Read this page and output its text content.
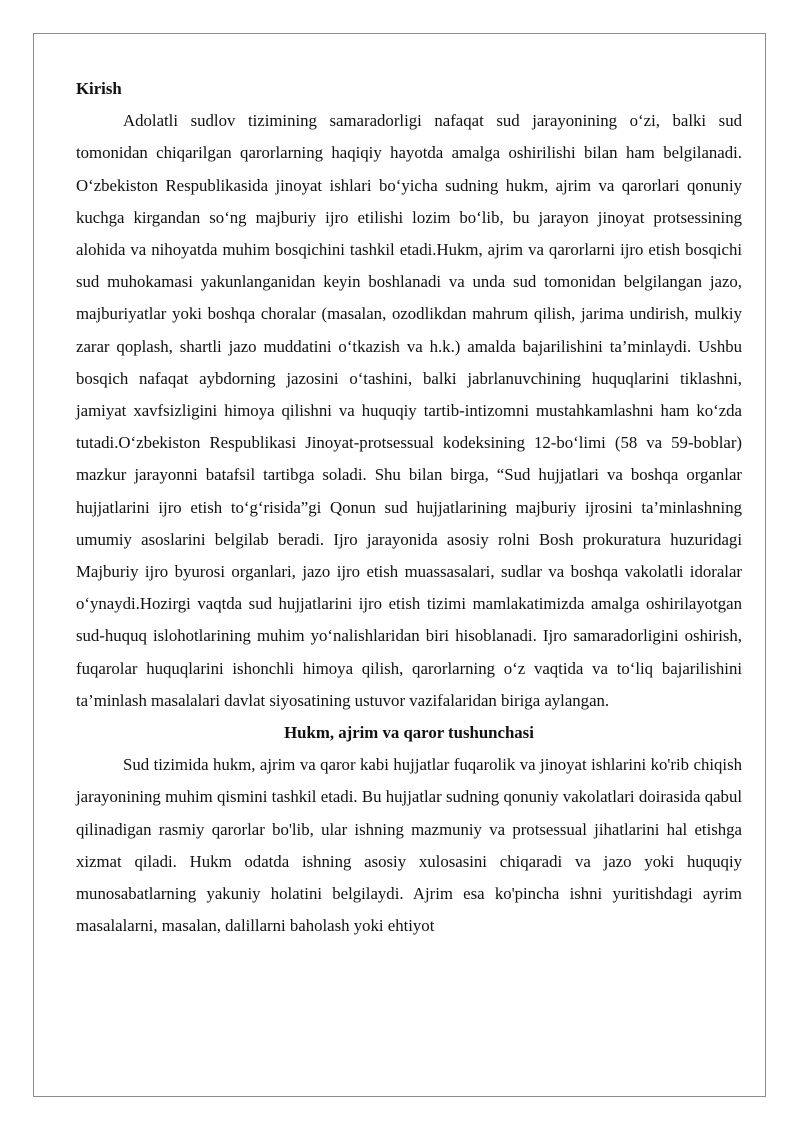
Kirish

Adolatli sudlov tizimining samaradorligi nafaqat sud jarayonining o‘zi, balki sud tomonidan chiqarilgan qarorlarning haqiqiy hayotda amalga oshirilishi bilan ham belgilanadi. O‘zbekiston Respublikasida jinoyat ishlari bo‘yicha sudning hukm, ajrim va qarorlari qonuniy kuchga kirgandan so‘ng majburiy ijro etilishi lozim bo‘lib, bu jarayon jinoyat protsessining alohida va nihoyatda muhim bosqichini tashkil etadi.Hukm, ajrim va qarorlarni ijro etish bosqichi sud muhokamasi yakunlanganidan keyin boshlanadi va unda sud tomonidan belgilangan jazo, majburiyatlar yoki boshqa choralar (masalan, ozodlikdan mahrum qilish, jarima undirish, mulkiy zarar qoplash, shartli jazo muddatini o‘tkazish va h.k.) amalda bajarilishini ta’minlaydi. Ushbu bosqich nafaqat aybdorning jazosini o‘tashini, balki jabrlanuvchining huquqlarini tiklashni, jamiyat xavfsizligini himoya qilishni va huquqiy tartib-intizomni mustahkamlashni ham ko‘zda tutadi.O‘zbekiston Respublikasi Jinoyat-protsessual kodeksining 12-bo‘limi (58 va 59-boblar) mazkur jarayonni batafsil tartibga soladi. Shu bilan birga, “Sud hujjatlari va boshqa organlar hujjatlarini ijro etish to‘g‘risida”gi Qonun sud hujjatlarining majburiy ijrosini ta’minlashning umumiy asoslarini belgilab beradi. Ijro jarayonida asosiy rolni Bosh prokuratura huzuridagi Majburiy ijro byurosi organlari, jazo ijro etish muassasalari, sudlar va boshqa vakolatli idoralar o‘ynaydi.Hozirgi vaqtda sud hujjatlarini ijro etish tizimi mamlakatimizda amalga oshirilayotgan sud-huquq islohotlarining muhim yo‘nalishlaridan biri hisoblanadi. Ijro samaradorligini oshirish, fuqarolar huquqlarini ishonchli himoya qilish, qarorlarning o‘z vaqtida va to‘liq bajarilishini ta’minlash masalalari davlat siyosatining ustuvor vazifalaridan biriga aylangan.

Hukm, ajrim va qaror tushunchasi

Sud tizimida hukm, ajrim va qaror kabi hujjatlar fuqarolik va jinoyat ishlarini ko'rib chiqish jarayonining muhim qismini tashkil etadi. Bu hujjatlar sudning qonuniy vakolatlari doirasida qabul qilinadigan rasmiy qarorlar bo'lib, ular ishning mazmuniy va protsessual jihatlarini hal etishga xizmat qiladi. Hukm odatda ishning asosiy xulosasini chiqaradi va jazo yoki huquqiy munosabatlarning yakuniy holatini belgilaydi. Ajrim esa ko'pincha ishni yuritishdagi ayrim masalalarni, masalan, dalillarni baholash yoki ehtiyot
